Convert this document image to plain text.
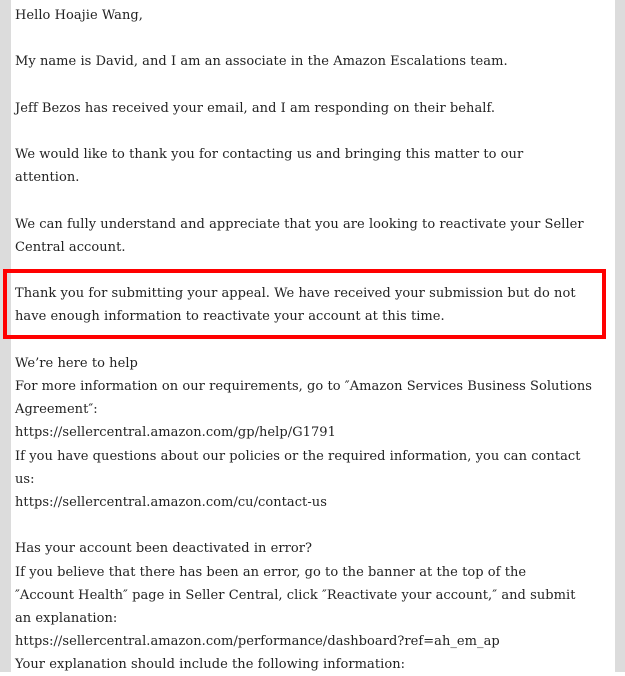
Hello Hoajie Wang,
My name is David, and I am an associate in the Amazon Escalations team.
Jeff Bezos has received your email, and I am responding on their behalf.
We would like to thank you for contacting us and bringing this matter to our
attention.
We can fully understand and appreciate that you are looking to reactivate your Seller
Central account.
Thank you for submitting your appeal. We have received your submission but do not
have enough information to reactivate your account at this time.
We’re here to help
For more information on our requirements, go to ″Amazon Services Business Solutions
Agreement″:
https://sellercentral.amazon.com/gp/help/G1791
If you have questions about our policies or the required information, you can contact
us:
https://sellercentral.amazon.com/cu/contact-us
Has your account been deactivated in error?
If you believe that there has been an error, go to the banner at the top of the
″Account Health″ page in Seller Central, click ″Reactivate your account,″ and submit
an explanation:
https://sellercentral.amazon.com/performance/dashboard?ref=ah_em_ap
Your explanation should include the following information:
